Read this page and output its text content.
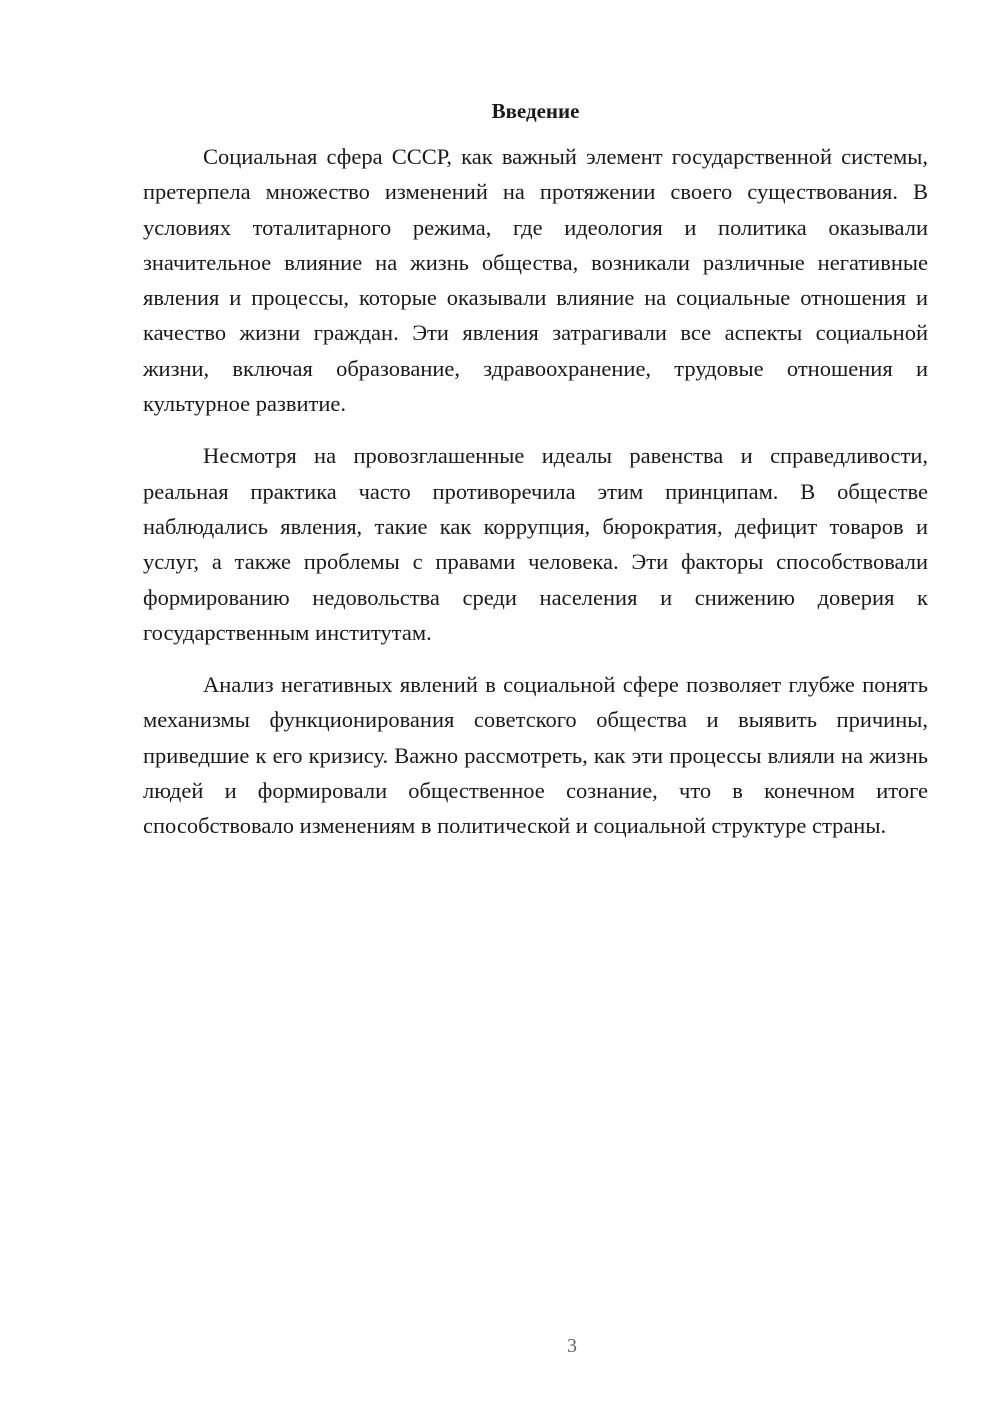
Введение

Социальная сфера СССР, как важный элемент государственной системы, претерпела множество изменений на протяжении своего существования. В условиях тоталитарного режима, где идеология и политика оказывали значительное влияние на жизнь общества, возникали различные негативные явления и процессы, которые оказывали влияние на социальные отношения и качество жизни граждан. Эти явления затрагивали все аспекты социальной жизни, включая образование, здравоохранение, трудовые отношения и культурное развитие.

Несмотря на провозглашенные идеалы равенства и справедливости, реальная практика часто противоречила этим принципам. В обществе наблюдались явления, такие как коррупция, бюрократия, дефицит товаров и услуг, а также проблемы с правами человека. Эти факторы способствовали формированию недовольства среди населения и снижению доверия к государственным институтам.

Анализ негативных явлений в социальной сфере позволяет глубже понять механизмы функционирования советского общества и выявить причины, приведшие к его кризису. Важно рассмотреть, как эти процессы влияли на жизнь людей и формировали общественное сознание, что в конечном итоге способствовало изменениям в политической и социальной структуре страны.

3
